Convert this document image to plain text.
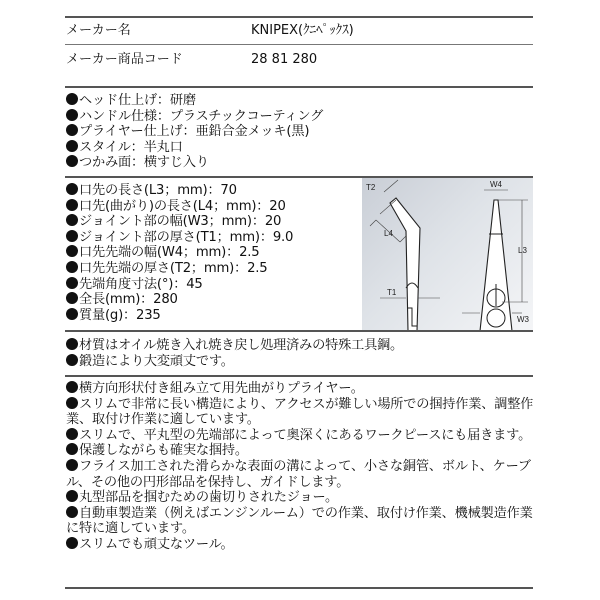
メーカー名	KNIPEX(ｸﾆﾍﾟｯｸｽ)
メーカー商品コード	28 81 280
ヘッド仕上げ：研磨
ハンドル仕様：プラスチックコーティング
プライヤー仕上げ：亜鉛合金メッキ(黒)
スタイル：半丸口
つかみ面：横すじ入り
口先の長さ(L3；mm)：70
口先(曲がり)の長さ(L4；mm)：20
ジョイント部の幅(W3；mm)：20
ジョイント部の厚さ(T1；mm)：9.0
口先先端の幅(W4；mm)：2.5
口先先端の厚さ(T2；mm)：2.5
先端角度寸法(°)：45
全長(mm)：280
質量(g)：235
T2
L4
T1
W4
L3
W3
材質はオイル焼き入れ焼き戻し処理済みの特殊工具鋼。
鍛造により大変頑丈です。
横方向形状付き組み立て用先曲がりプライヤー。
スリムで非常に長い構造により、アクセスが難しい場所での掴持作業、調整作業、取付け作業に適しています。
スリムで、平丸型の先端部によって奥深くにあるワークピースにも届きます。
保護しながらも確実な掴持。
フライス加工された滑らかな表面の溝によって、小さな銅管、ボルト、ケーブル、その他の円形部品を保持し、ガイドします。
丸型部品を掴むための歯切りされたジョー。
自動車製造業（例えばエンジンルーム）での作業、取付け作業、機械製造作業に特に適しています。
スリムでも頑丈なツール。
